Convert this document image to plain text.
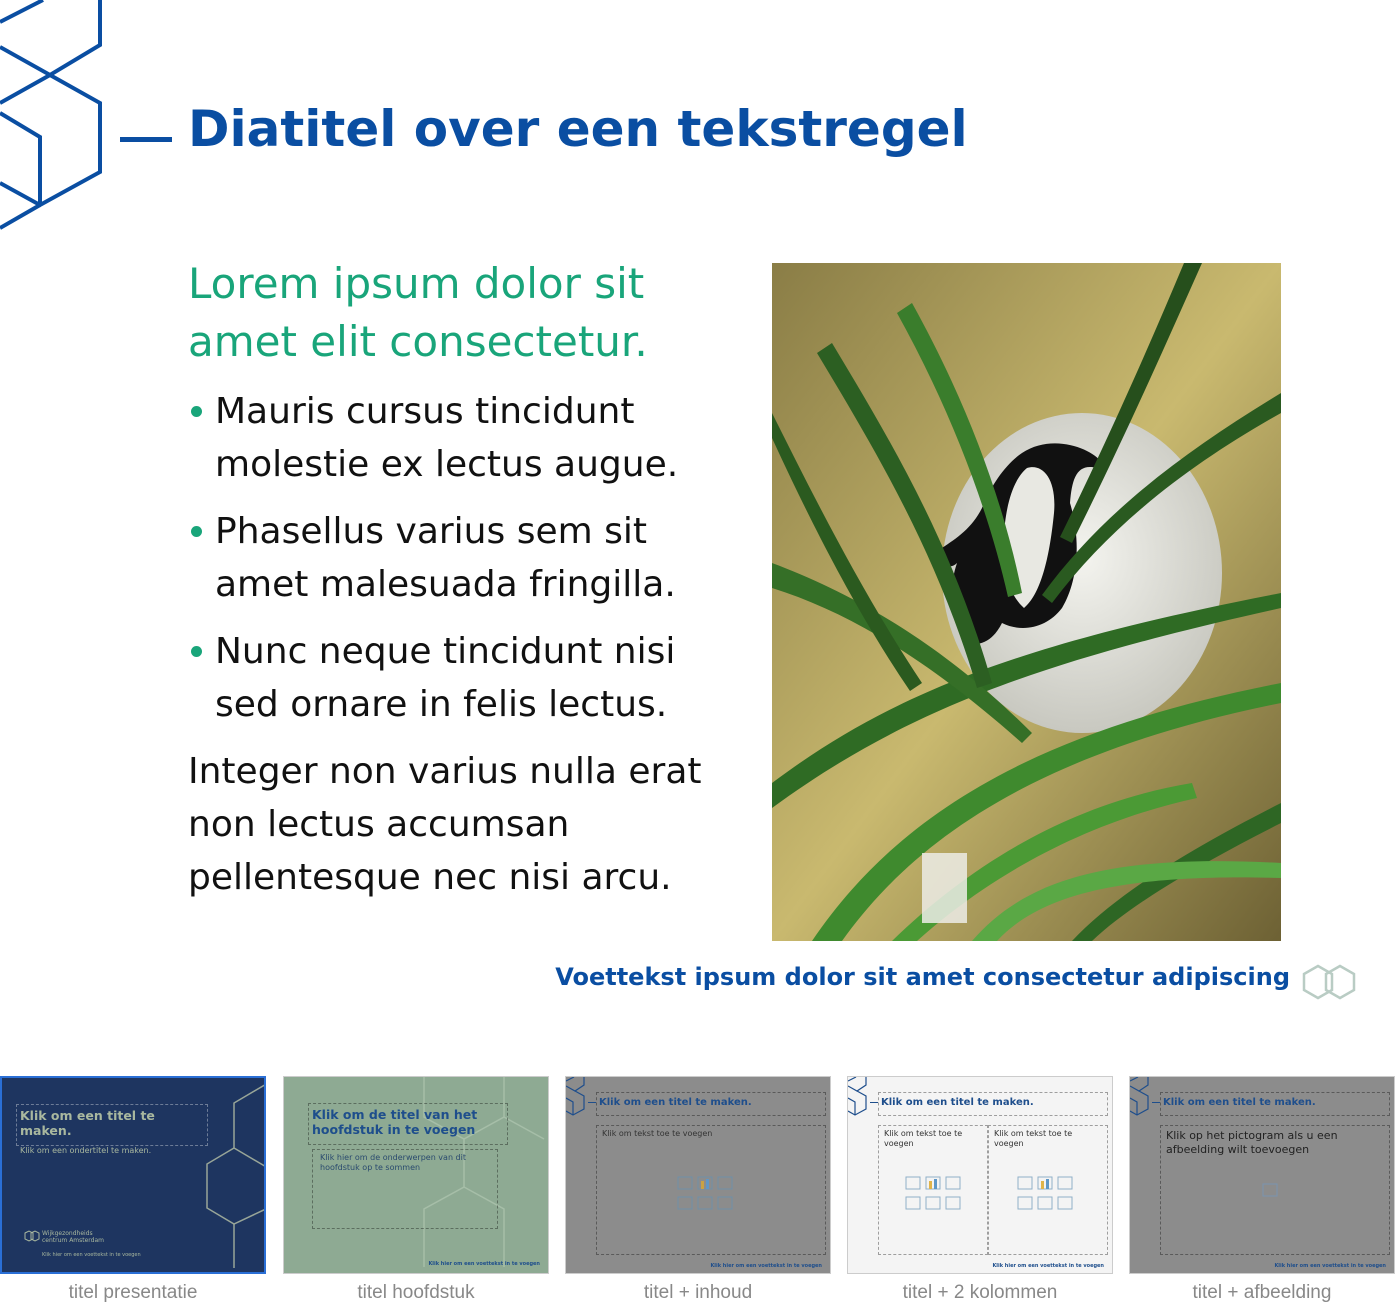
Diatitel over een tekstregel

Lorem ipsum dolor sit amet elit consectetur.

Mauris cursus tincidunt molestie ex lectus augue.
Phasellus varius sem sit amet malesuada fringilla.
Nunc neque tincidunt nisi sed ornare in felis lectus.

Integer non varius nulla erat non lectus accumsan pellentesque nec nisi arcu.

Voettekst ipsum dolor sit amet consectetur adipiscing
Klik om een titel te maken.
Klik om een ondertitel te maken.
Wijkgezondheids
centrum Amsterdam
Klik hier om een voettekst in te voegen
titel presentatie
Klik om de titel van het hoofdstuk in te voegen
Klik hier om de onderwerpen van dit hoofdstuk op te sommen
Klik hier om een voettekst in te voegen
titel hoofdstuk
Klik om een titel te maken.
Klik om tekst toe te voegen
Klik hier om een voettekst in te voegen
titel + inhoud
Klik om een titel te maken.
Klik om tekst toe te voegen
Klik om tekst toe te voegen
Klik hier om een voettekst in te voegen
titel + 2 kolommen
Klik om een titel te maken.
Klik op het pictogram als u een afbeelding wilt toevoegen
Klik hier om een voettekst in te voegen
titel + afbeelding
